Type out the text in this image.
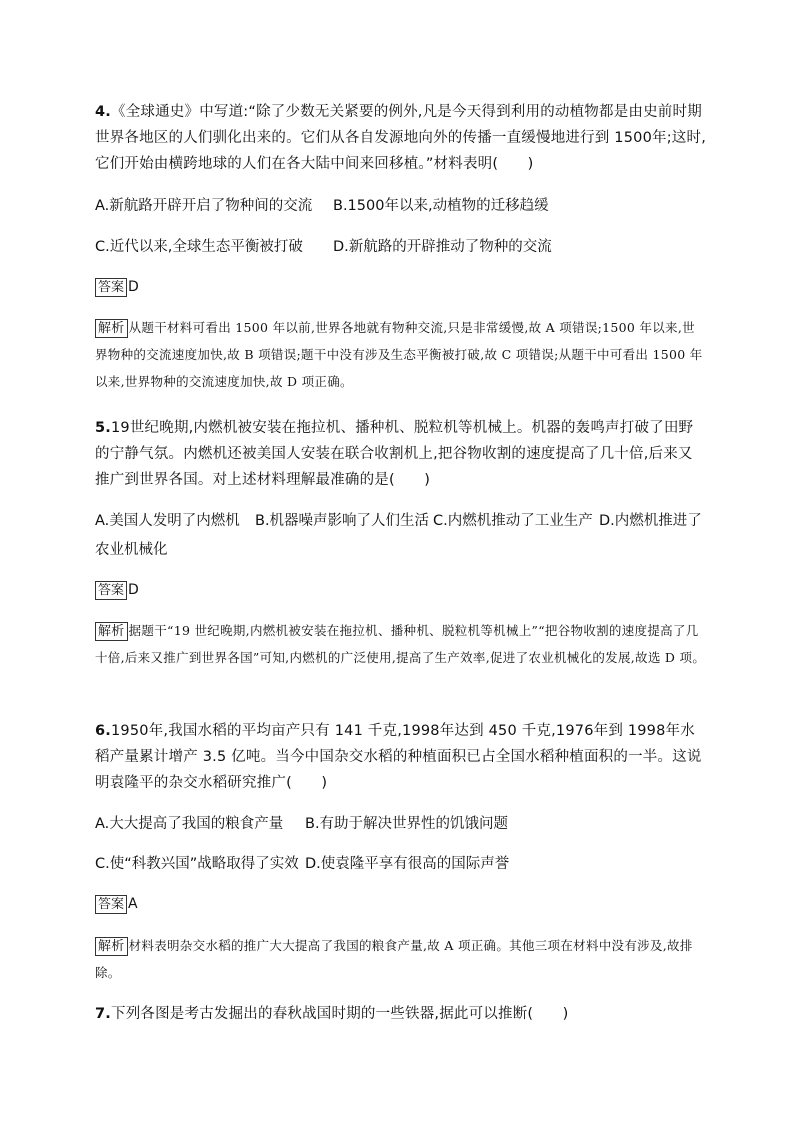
4.《全球通史》中写道:“除了少数无关紧要的例外,凡是今天得到利用的动植物都是由史前时期世界各地区的人们驯化出来的。它们从各自发源地向外的传播一直缓慢地进行到 1500年;这时,它们开始由横跨地球的人们在各大陆中间来回移植。”材料表明(　　)
A.新航路开辟开启了物种间的交流 B.1500年以来,动植物的迁移趋缓
C.近代以来,全球生态平衡被打破 D.新航路的开辟推动了物种的交流
答案 D
解析 从题干材料可看出 1500 年以前,世界各地就有物种交流,只是非常缓慢,故 A 项错误;1500 年以来,世界物种的交流速度加快,故 B 项错误;题干中没有涉及生态平衡被打破,故 C 项错误;从题干中可看出 1500 年以来,世界物种的交流速度加快,故 D 项正确。
5.19世纪晚期,内燃机被安装在拖拉机、播种机、脱粒机等机械上。机器的轰鸣声打破了田野的宁静气氛。内燃机还被美国人安装在联合收割机上,把谷物收割的速度提高了几十倍,后来又推广到世界各国。对上述材料理解最准确的是(　　)
A.美国人发明了内燃机 B.机器噪声影响了人们生活 C.内燃机推动了工业生产 D.内燃机推进了
农业机械化
答案 D
解析 据题干“19 世纪晚期,内燃机被安装在拖拉机、播种机、脱粒机等机械上”“把谷物收割的速度提高了几十倍,后来又推广到世界各国”可知,内燃机的广泛使用,提高了生产效率,促进了农业机械化的发展,故选 D 项。
6.1950年,我国水稻的平均亩产只有 141 千克,1998年达到 450 千克,1976年到 1998年水稻产量累计增产 3.5 亿吨。当今中国杂交水稻的种植面积已占全国水稻种植面积的一半。这说明袁隆平的杂交水稻研究推广(　　)
A.大大提高了我国的粮食产量 B.有助于解决世界性的饥饿问题
C.使“科教兴国”战略取得了实效 D.使袁隆平享有很高的国际声誉
答案 A
解析 材料表明杂交水稻的推广大大提高了我国的粮食产量,故 A 项正确。其他三项在材料中没有涉及,故排除。
7.下列各图是考古发掘出的春秋战国时期的一些铁器,据此可以推断(　　)
